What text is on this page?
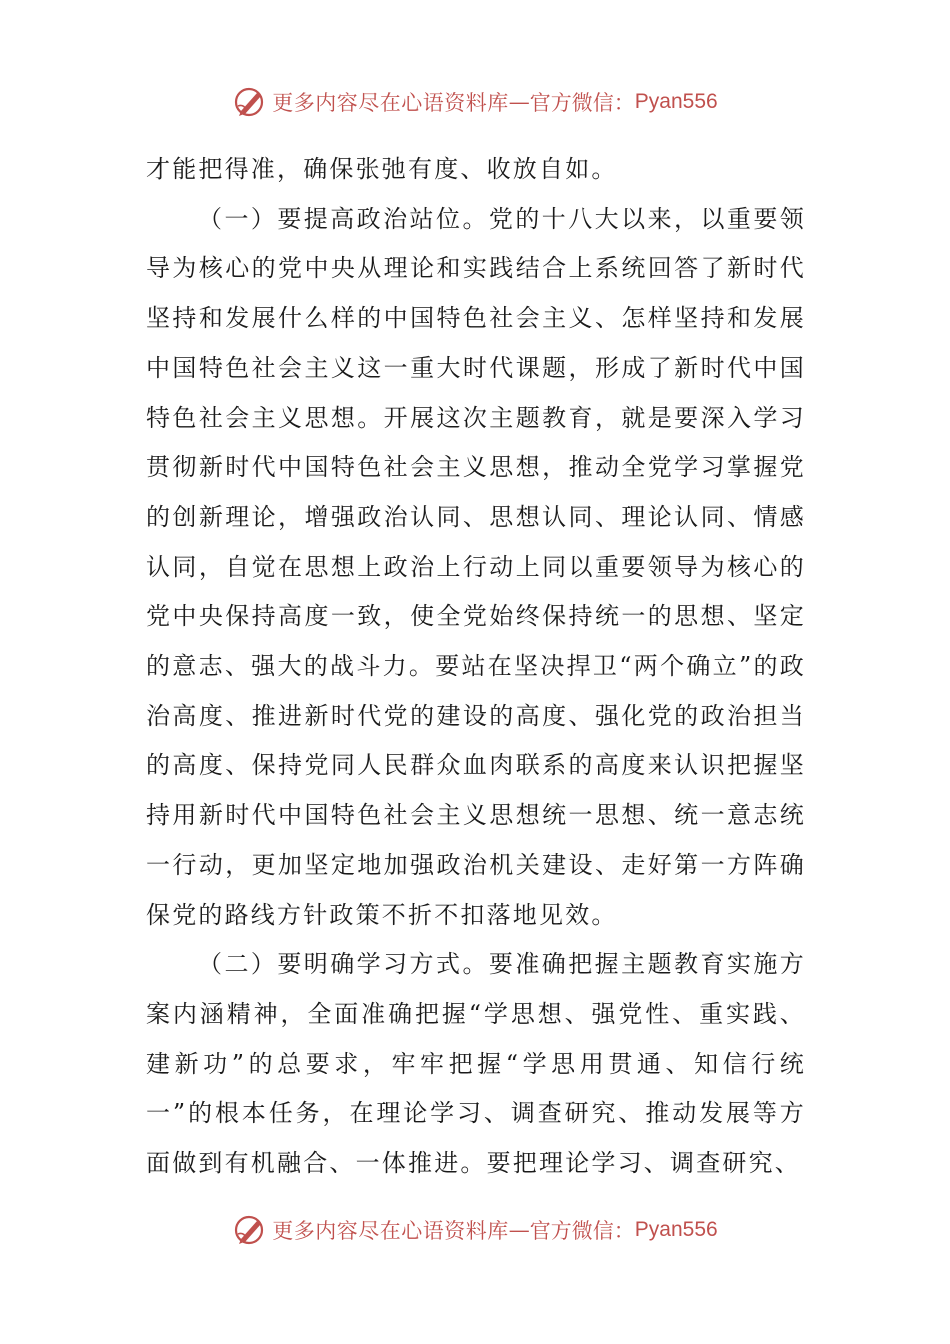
更多内容尽在心语资料库 — 官方微信： Pyan556

才能把得准，确保张弛有度、收放自如。

（一）要提高政治站位。党的十八大以来，以重要领导为核心的党中央从理论和实践结合上系统回答了新时代坚持和发展什么样的中国特色社会主义、怎样坚持和发展中国特色社会主义这一重大时代课题，形成了新时代中国特色社会主义思想。开展这次主题教育，就是要深入学习贯彻新时代中国特色社会主义思想，推动全党学习掌握党的创新理论，增强政治认同、思想认同、理论认同、情感认同，自觉在思想上政治上行动上同以重要领导为核心的党中央保持高度一致，使全党始终保持统一的思想、坚定的意志、强大的战斗力。要站在坚决捍卫“两个确立”的政治高度、推进新时代党的建设的高度、强化党的政治担当的高度、保持党同人民群众血肉联系的高度来认识把握坚持用新时代中国特色社会主义思想统一思想、统一意志统一行动，更加坚定地加强政治机关建设、走好第一方阵确保党的路线方针政策不折不扣落地见效。

（二）要明确学习方式。要准确把握主题教育实施方案内涵精神，全面准确把握“学思想、强党性、重实践、建新功”的总要求，牢牢把握“学思用贯通、知信行统一”的根本任务，在理论学习、调查研究、推动发展等方面做到有机融合、一体推进。要把理论学习、调查研究、

更多内容尽在心语资料库 — 官方微信： Pyan556
